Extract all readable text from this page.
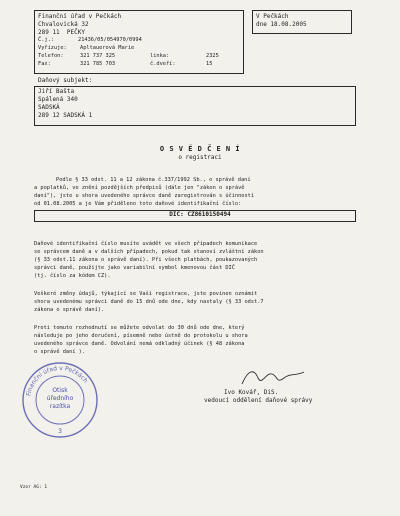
Finanční úřad v Pečkách
Chvalovická 32
289 11  PEČKY
Č.j.:	21436/05/054970/0994
Vyřizuje:	Apltauerová Marie
Telefon:	321 737 325	linka:	2325
Fax:	321 785 703	č.dveří:	15
V Pečkách
dne 18.08.2005
Daňový subjekt:
Jiří Bašta
Spálená 340
SADSKÁ
289 12 SADSKÁ 1
O S V Ě D Č E N Í
o registraci
Podle § 33 odst. 11 a 12 zákona č.337/1992 Sb., o správě daní
a poplatků, ve znění pozdějších předpisů (dále jen "zákon o správě
daní"), jste u shora uvedeného správce daně zaregistrován s účinností
od 01.08.2005 a je Vám přiděleno toto daňové identifikační číslo:
DIČ: CZ8610150494
Daňové identifikační číslo musíte uvádět ve všech případech komunikace
se správcem daně a v dalších případech, pokud tak stanoví zvláštní zákon
(§ 33 odst.11 zákona o správě daní). Při všech platbách, poukazovaných
správci daně, použijte jako variabilní symbol kmenovou část DIČ
(tj. číslo za kódem CZ).
Veškeré změny údajů, týkající se Vaší registrace, jste povinen oznámit
shora uvedenému správci daně do 15 dnů ode dne, kdy nastaly (§ 33 odst.7
zákona o správě daní).
Proti tomuto rozhodnutí se můžete odvolat do 30 dnů ode dne, který
následuje po jeho doručení, písemně nebo ústně do protokolu u shora
uvedeného správce daně. Odvolání nemá odkladný účinek (§ 48 zákona
o správě daní ).
Finanční úřad v Pečkách
Otisk
úředního
razítka
3
Ivo Kovář, DiS.
vedoucí oddělení daňové správy
Vzor AG: 1
